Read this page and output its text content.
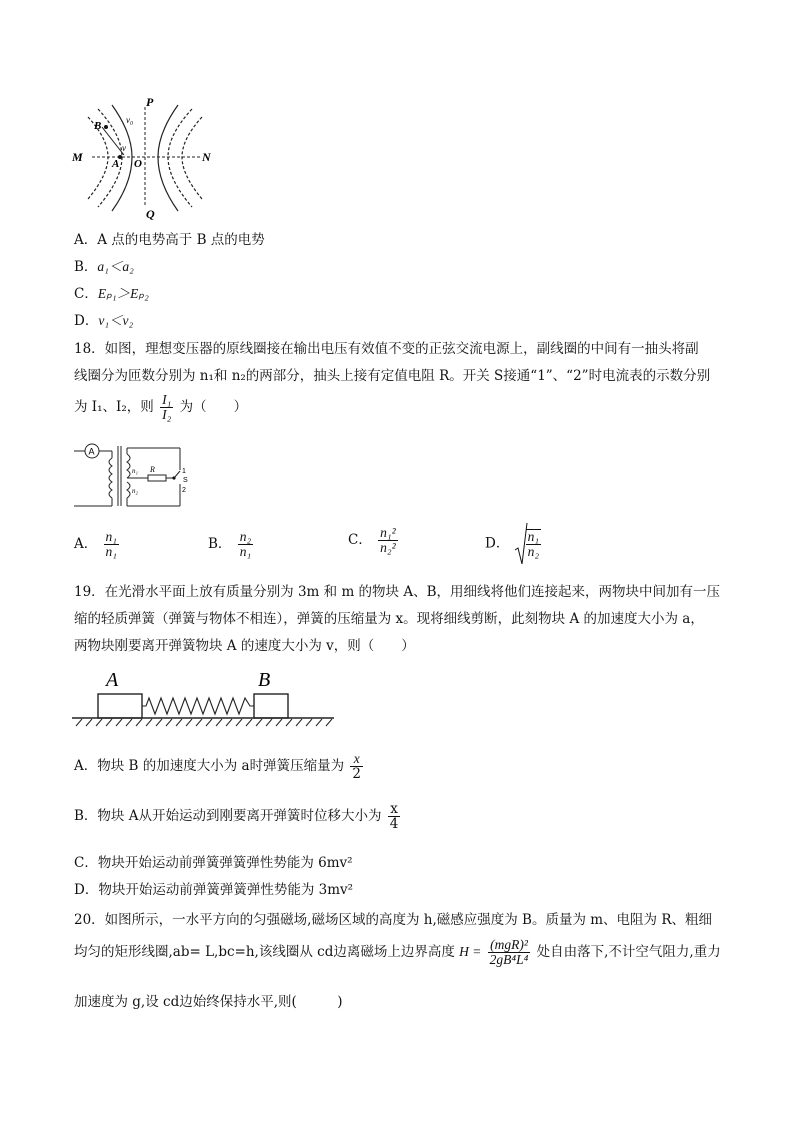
P
Q
M	N
B
A O
v₀
v
A．A 点的电势高于 B 点的电势
B．a₁＜a₂
C．Eₚ₁＞Eₚ₂
D．v₁＜v₂
18．如图，理想变压器的原线圈接在输出电压有效值不变的正弦交流电源上，副线圈的中间有一抽头将副
线圈分为匝数分别为 n₁和 n₂的两部分，抽头上接有定值电阻 R。开关 S接通“1”、“2”时电流表的示数分别
为 I₁、I₂，则 $\frac{\text{I₁}}{\text{I₂}}$ 为（　　）
A
n₁
n₂
R
S
1
2
A． $\frac{\text{n₁}}{\text{n₁}}$	B． $\frac{\text{n₂}}{\text{n₁}}$	C． $\frac{\text{n₁²}}{\text{n₂²}}$	D． $\frac{\text{n₁}}{\text{n₂}}$
19．在光滑水平面上放有质量分别为 3m 和 m 的物块 A、B，用细线将他们连接起来，两物块中间加有一压
缩的轻质弹簧（弹簧与物体不相连），弹簧的压缩量为 x。现将细线剪断，此刻物块 A 的加速度大小为 a，
两物块刚要离开弹簧物块 A 的速度大小为 v，则（　　）
A	B
A．物块 B 的加速度大小为 a时弹簧压缩量为 $\frac{x}{2}$
B．物块 A从开始运动到刚要离开弹簧时位移大小为 $\frac{x}{4}$
C．物块开始运动前弹簧弹簧弹性势能为 6mv²
D．物块开始运动前弹簧弹簧弹性势能为 3mv²
20．如图所示，一水平方向的匀强磁场,磁场区域的高度为 h,磁感应强度为 B。质量为 m、电阻为 R、粗细
均匀的矩形线圈,ab= L,bc=h,该线圈从 cd边离磁场上边界高度 $H = \frac{\text{(mgR)²}}{\text{2gB⁴L⁴}}$ 处自由落下,不计空气阻力,重力
加速度为 g,设 cd边始终保持水平,则(　　　)
